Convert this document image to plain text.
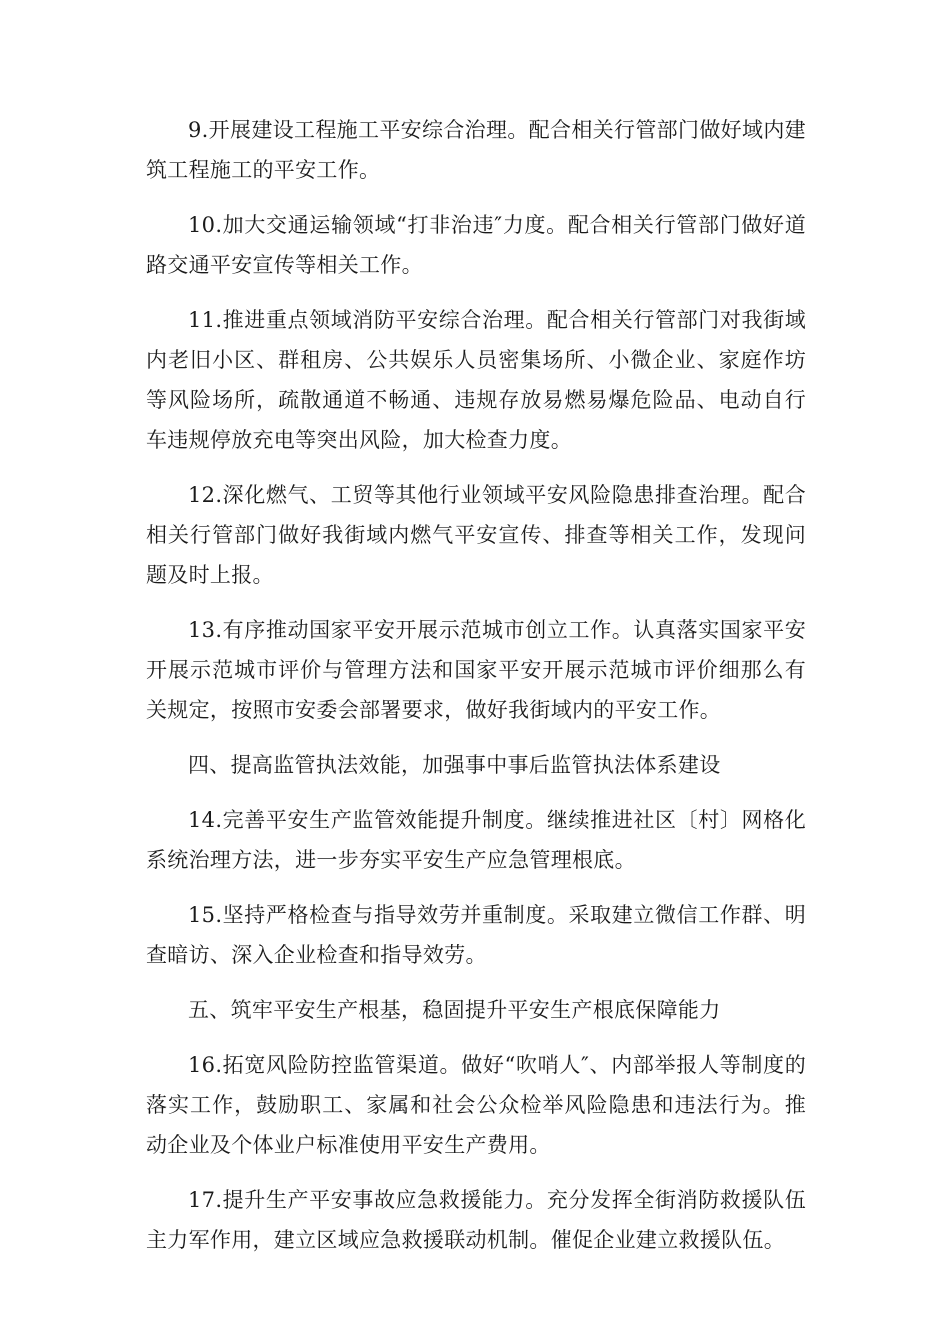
9.开展建设工程施工平安综合治理。配合相关行管部门做好域内建筑工程施工的平安工作。

10.加大交通运输领域“打非治违″力度。配合相关行管部门做好道路交通平安宣传等相关工作。

11.推进重点领域消防平安综合治理。配合相关行管部门对我街域内老旧小区、群租房、公共娱乐人员密集场所、小微企业、家庭作坊等风险场所，疏散通道不畅通、违规存放易燃易爆危险品、电动自行车违规停放充电等突出风险，加大检查力度。

12.深化燃气、工贸等其他行业领域平安风险隐患排查治理。配合相关行管部门做好我街域内燃气平安宣传、排查等相关工作，发现问题及时上报。

13.有序推动国家平安开展示范城市创立工作。认真落实国家平安开展示范城市评价与管理方法和国家平安开展示范城市评价细那么有关规定，按照市安委会部署要求，做好我街域内的平安工作。

四、提高监管执法效能，加强事中事后监管执法体系建设

14.完善平安生产监管效能提升制度。继续推进社区〔村〕网格化系统治理方法，进一步夯实平安生产应急管理根底。

15.坚持严格检查与指导效劳并重制度。采取建立微信工作群、明查暗访、深入企业检查和指导效劳。

五、筑牢平安生产根基，稳固提升平安生产根底保障能力

16.拓宽风险防控监管渠道。做好“吹哨人″、内部举报人等制度的落实工作，鼓励职工、家属和社会公众检举风险隐患和违法行为。推动企业及个体业户标准使用平安生产费用。

17.提升生产平安事故应急救援能力。充分发挥全街消防救援队伍主力军作用，建立区域应急救援联动机制。催促企业建立救援队伍。
